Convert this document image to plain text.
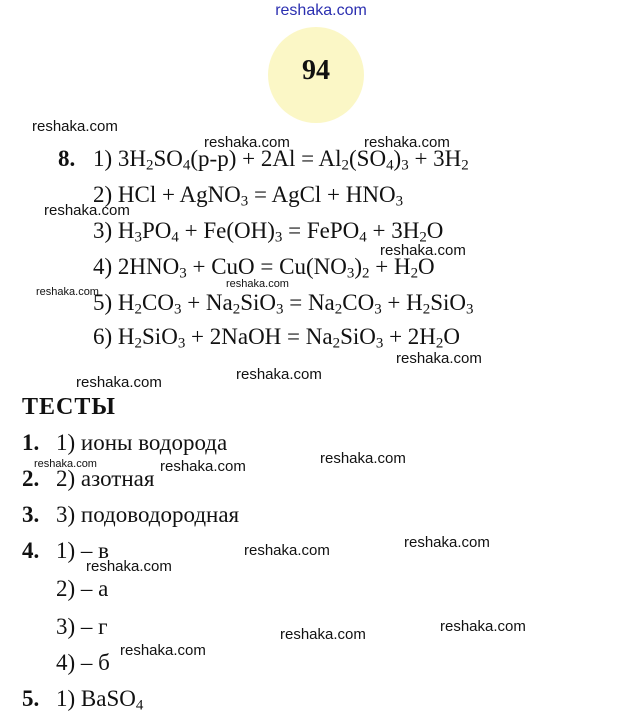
reshaka.com
94
reshaka.com
reshaka.com	reshaka.com
reshaka.com
reshaka.com
reshaka.com
reshaka.com
reshaka.com
reshaka.com
reshaka.com
reshaka.com
reshaka.com	reshaka.com
reshaka.com
reshaka.com
reshaka.com
reshaka.com
reshaka.com
reshaka.com
8. 1) $3H_2SO_4(р-р) + 2Al = Al_2(SO_4)_3 + 3H_2$
2) HCl + AgNO$_3$ = AgCl + $HNO_3$
3) $H_3PO_4 + Fe(OH)_3$ = FePO$_4$ + $3H_2O$
4) $2HNO_3$ + CuO = $Cu(NO_3)_2 + H_2O$
5) $H_2CO_3 + Na_2SiO_3 = Na_2CO_3 + H_2SiO_3$
6) $H_2SiO_3$ + 2NaOH = $Na_2SiO_3 + 2H_2O$
ТЕСТЫ
1. 1) ионы водорода
2. 2) азотная
3. 3) подоводородная
4. 1) – в
2) – а
3) – г
4) – б
5. 1) BaSO$_4$
